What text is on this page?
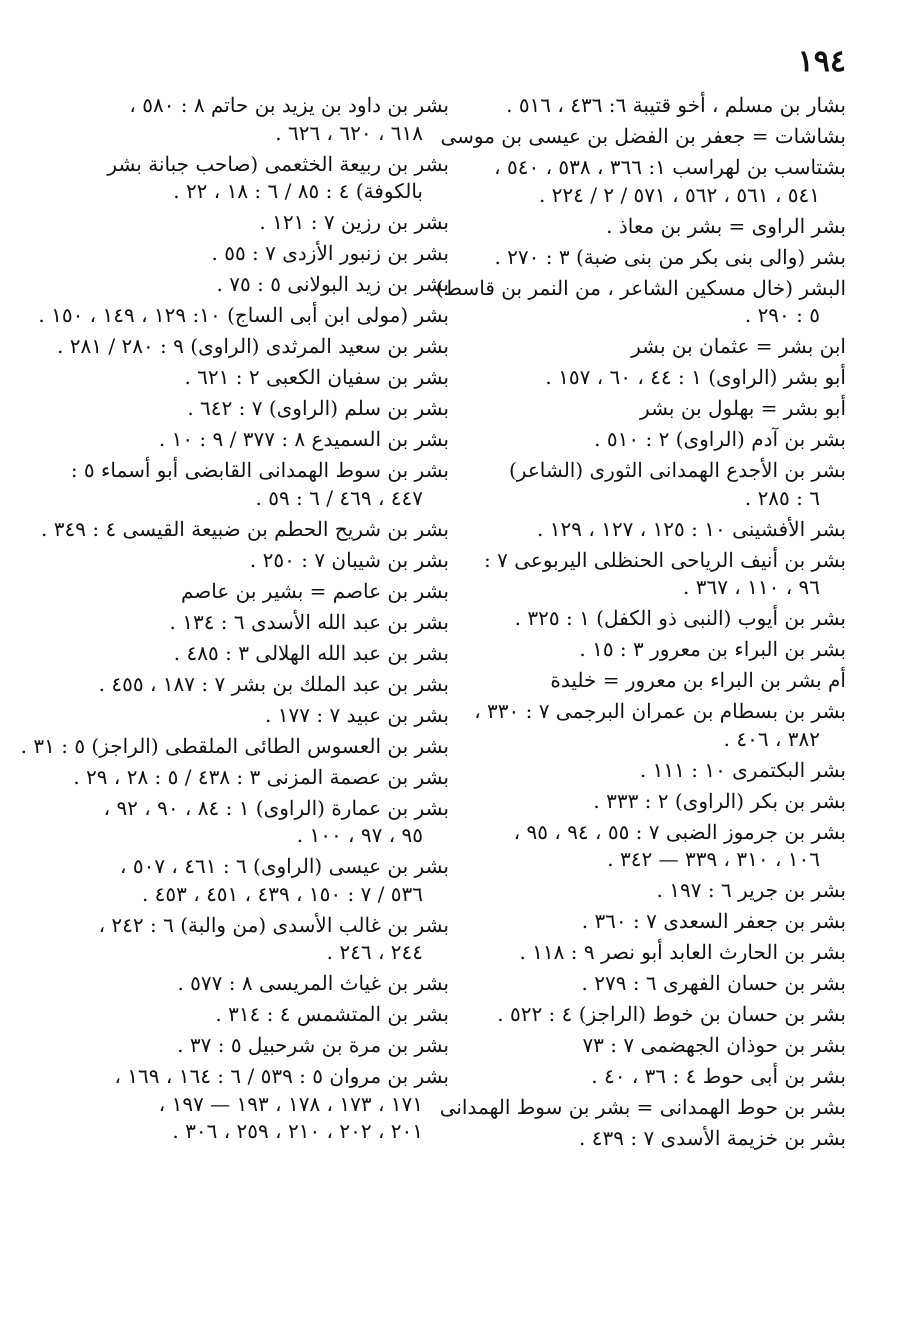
١٩٤
بشار بن مسلم ، أخو قتيبة ٦: ٤٣٦ ، ٥١٦ .
بشاشات = جعفر بن الفضل بن عيسى بن موسى
بشتاسب بن لهراسب ١: ٣٦٦ ، ٥٣٨ ، ٥٤٠ ،
٥٤١ ، ٥٦١ ، ٥٦٢ ، ٥٧١ / ٢ / ٢٢٤ .
بشر الراوى = بشر بن معاذ .
بشر (والى بنى بكر من بنى ضبة) ٣ : ٢٧٠ .
البشر (خال مسكين الشاعر ، من النمر بن قاسط)
٥ : ٢٩٠ .
ابن بشر = عثمان بن بشر
أبو بشر (الراوى) ١ : ٤٤ ، ٦٠ ، ١٥٧ .
أبو بشر = بهلول بن بشر
بشر بن آدم (الراوى) ٢ : ٥١٠ .
بشر بن الأجدع الهمدانى الثورى (الشاعر)
٦ : ٢٨٥ .
بشر الأفشينى ١٠ : ١٢٥ ، ١٢٧ ، ١٢٩ .
بشر بن أنيف الرياحى الحنظلى اليربوعى ٧ :
٩٦ ، ١١٠ ، ٣٦٧ .
بشر بن أيوب (النبى ذو الكفل) ١ : ٣٢٥ .
بشر بن البراء بن معرور ٣ : ١٥ .
أم بشر بن البراء بن معرور = خليدة
بشر بن بسطام بن عمران البرجمى ٧ : ٣٣٠ ،
٣٨٢ ، ٤٠٦ .
بشر البكتمرى ١٠ : ١١١ .
بشر بن بكر (الراوى) ٢ : ٣٣٣ .
بشر بن جرموز الضبى ٧ : ٥٥ ، ٩٤ ، ٩٥ ،
١٠٦ ، ٣١٠ ، ٣٣٩ — ٣٤٢ .
بشر بن جرير ٦ : ١٩٧ .
بشر بن جعفر السعدى ٧ : ٣٦٠ .
بشر بن الحارث العابد أبو نصر ٩ : ١١٨ .
بشر بن حسان الفهرى ٦ : ٢٧٩ .
بشر بن حسان بن خوط (الراجز) ٤ : ٥٢٢ .
بشر بن حوذان الجهضمى ٧ : ٧٣
بشر بن أبى حوط ٤ : ٣٦ ، ٤٠ .
بشر بن حوط الهمدانى = بشر بن سوط الهمدانى
بشر بن خزيمة الأسدى ٧ : ٤٣٩ .
بشر بن داود بن يزيد بن حاتم ٨ : ٥٨٠ ،
٦١٨ ، ٦٢٠ ، ٦٢٦ .
بشر بن ربيعة الخثعمى (صاحب جبانة بشر
بالكوفة) ٤ : ٨٥ / ٦ : ١٨ ، ٢٢ .
بشر بن رزين ٧ : ١٢١ .
بشر بن زنبور الأزدى ٧ : ٥٥ .
بشر بن زيد البولانى ٥ : ٧٥ .
بشر (مولى ابن أبى الساج) ١٠: ١٢٩ ، ١٤٩ ، ١٥٠ .
بشر بن سعيد المرثدى (الراوى) ٩ : ٢٨٠ / ٢٨١ .
بشر بن سفيان الكعبى ٢ : ٦٢١ .
بشر بن سلم (الراوى) ٧ : ٦٤٢ .
بشر بن السميدع ٨ : ٣٧٧ / ٩ : ١٠ .
بشر بن سوط الهمدانى القابضى أبو أسماء ٥ :
٤٤٧ ، ٤٦٩ / ٦ : ٥٩ .
بشر بن شريح الحطم بن ضبيعة القيسى ٤ : ٣٤٩ .
بشر بن شيبان ٧ : ٢٥٠ .
بشر بن عاصم = بشير بن عاصم
بشر بن عبد الله الأسدى ٦ : ١٣٤ .
بشر بن عبد الله الهلالى ٣ : ٤٨٥ .
بشر بن عبد الملك بن بشر ٧ : ١٨٧ ، ٤٥٥ .
بشر بن عبيد ٧ : ١٧٧ .
بشر بن العسوس الطائى الملقطى (الراجز) ٥ : ٣١ .
بشر بن عصمة المزنى ٣ : ٤٣٨ / ٥ : ٢٨ ، ٢٩ .
بشر بن عمارة (الراوى) ١ : ٨٤ ، ٩٠ ، ٩٢ ،
٩٥ ، ٩٧ ، ١٠٠ .
بشر بن عيسى (الراوى) ٦ : ٤٦١ ، ٥٠٧ ،
٥٣٦ / ٧ : ١٥٠ ، ٤٣٩ ، ٤٥١ ، ٤٥٣ .
بشر بن غالب الأسدى (من والبة) ٦ : ٢٤٢ ،
٢٤٤ ، ٢٤٦ .
بشر بن غياث المريسى ٨ : ٥٧٧ .
بشر بن المتشمس ٤ : ٣١٤ .
بشر بن مرة بن شرحبيل ٥ : ٣٧ .
بشر بن مروان ٥ : ٥٣٩ / ٦ : ١٦٤ ، ١٦٩ ،
١٧١ ، ١٧٣ ، ١٧٨ ، ١٩٣ — ١٩٧ ،
٢٠١ ، ٢٠٢ ، ٢١٠ ، ٢٥٩ ، ٣٠٦ .
